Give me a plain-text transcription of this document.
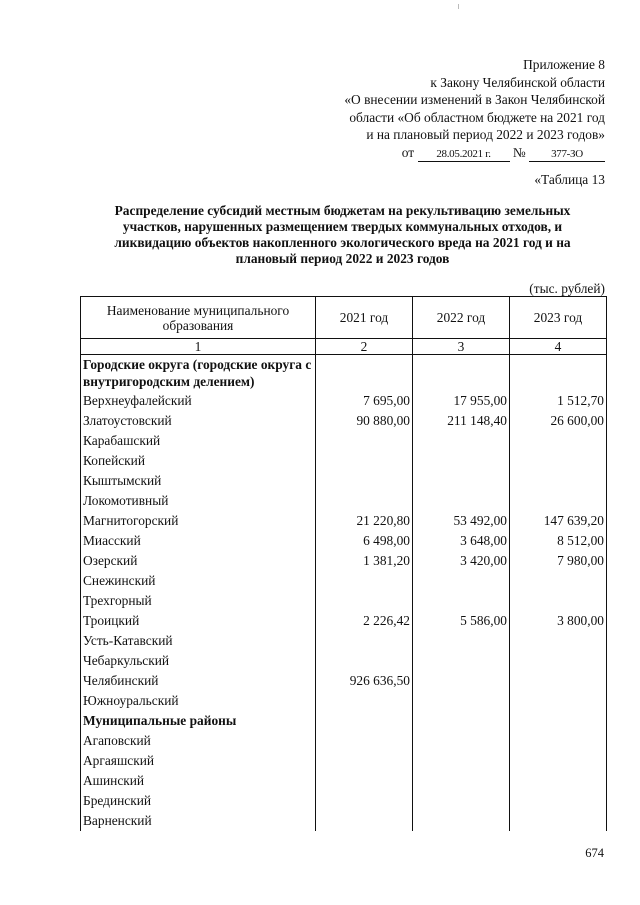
Приложение 8
к Закону Челябинской области
«О внесении изменений в Закон Челябинской
области «Об областном бюджете на 2021 год
и на плановый период 2022 и 2023 годов»
от 28.05.2021 г. № 377-ЗО
«Таблица 13
Распределение субсидий местным бюджетам на рекультивацию земельных участков, нарушенных размещением твердых коммунальных отходов, и ликвидацию объектов накопленного экологического вреда на 2021 год и на плановый период 2022 и 2023 годов
(тыс. рублей)
Наименование муниципального образования	2021 год	2022 год	2023 год
1	2	3	4
Городские округа (городские округа с внутригородским делением)			
Верхнеуфалейский	7 695,00	17 955,00	1 512,70
Златоустовский	90 880,00	211 148,40	26 600,00
Карабашский			
Копейский			
Кыштымский			
Локомотивный			
Магнитогорский	21 220,80	53 492,00	147 639,20
Миасский	6 498,00	3 648,00	8 512,00
Озерский	1 381,20	3 420,00	7 980,00
Снежинский			
Трехгорный			
Троицкий	2 226,42	5 586,00	3 800,00
Усть-Катавский			
Чебаркульский			
Челябинский	926 636,50		
Южноуральский			
Муниципальные районы			
Агаповский			
Аргаяшский			
Ашинский			
Брединский			
Варненский			
674
